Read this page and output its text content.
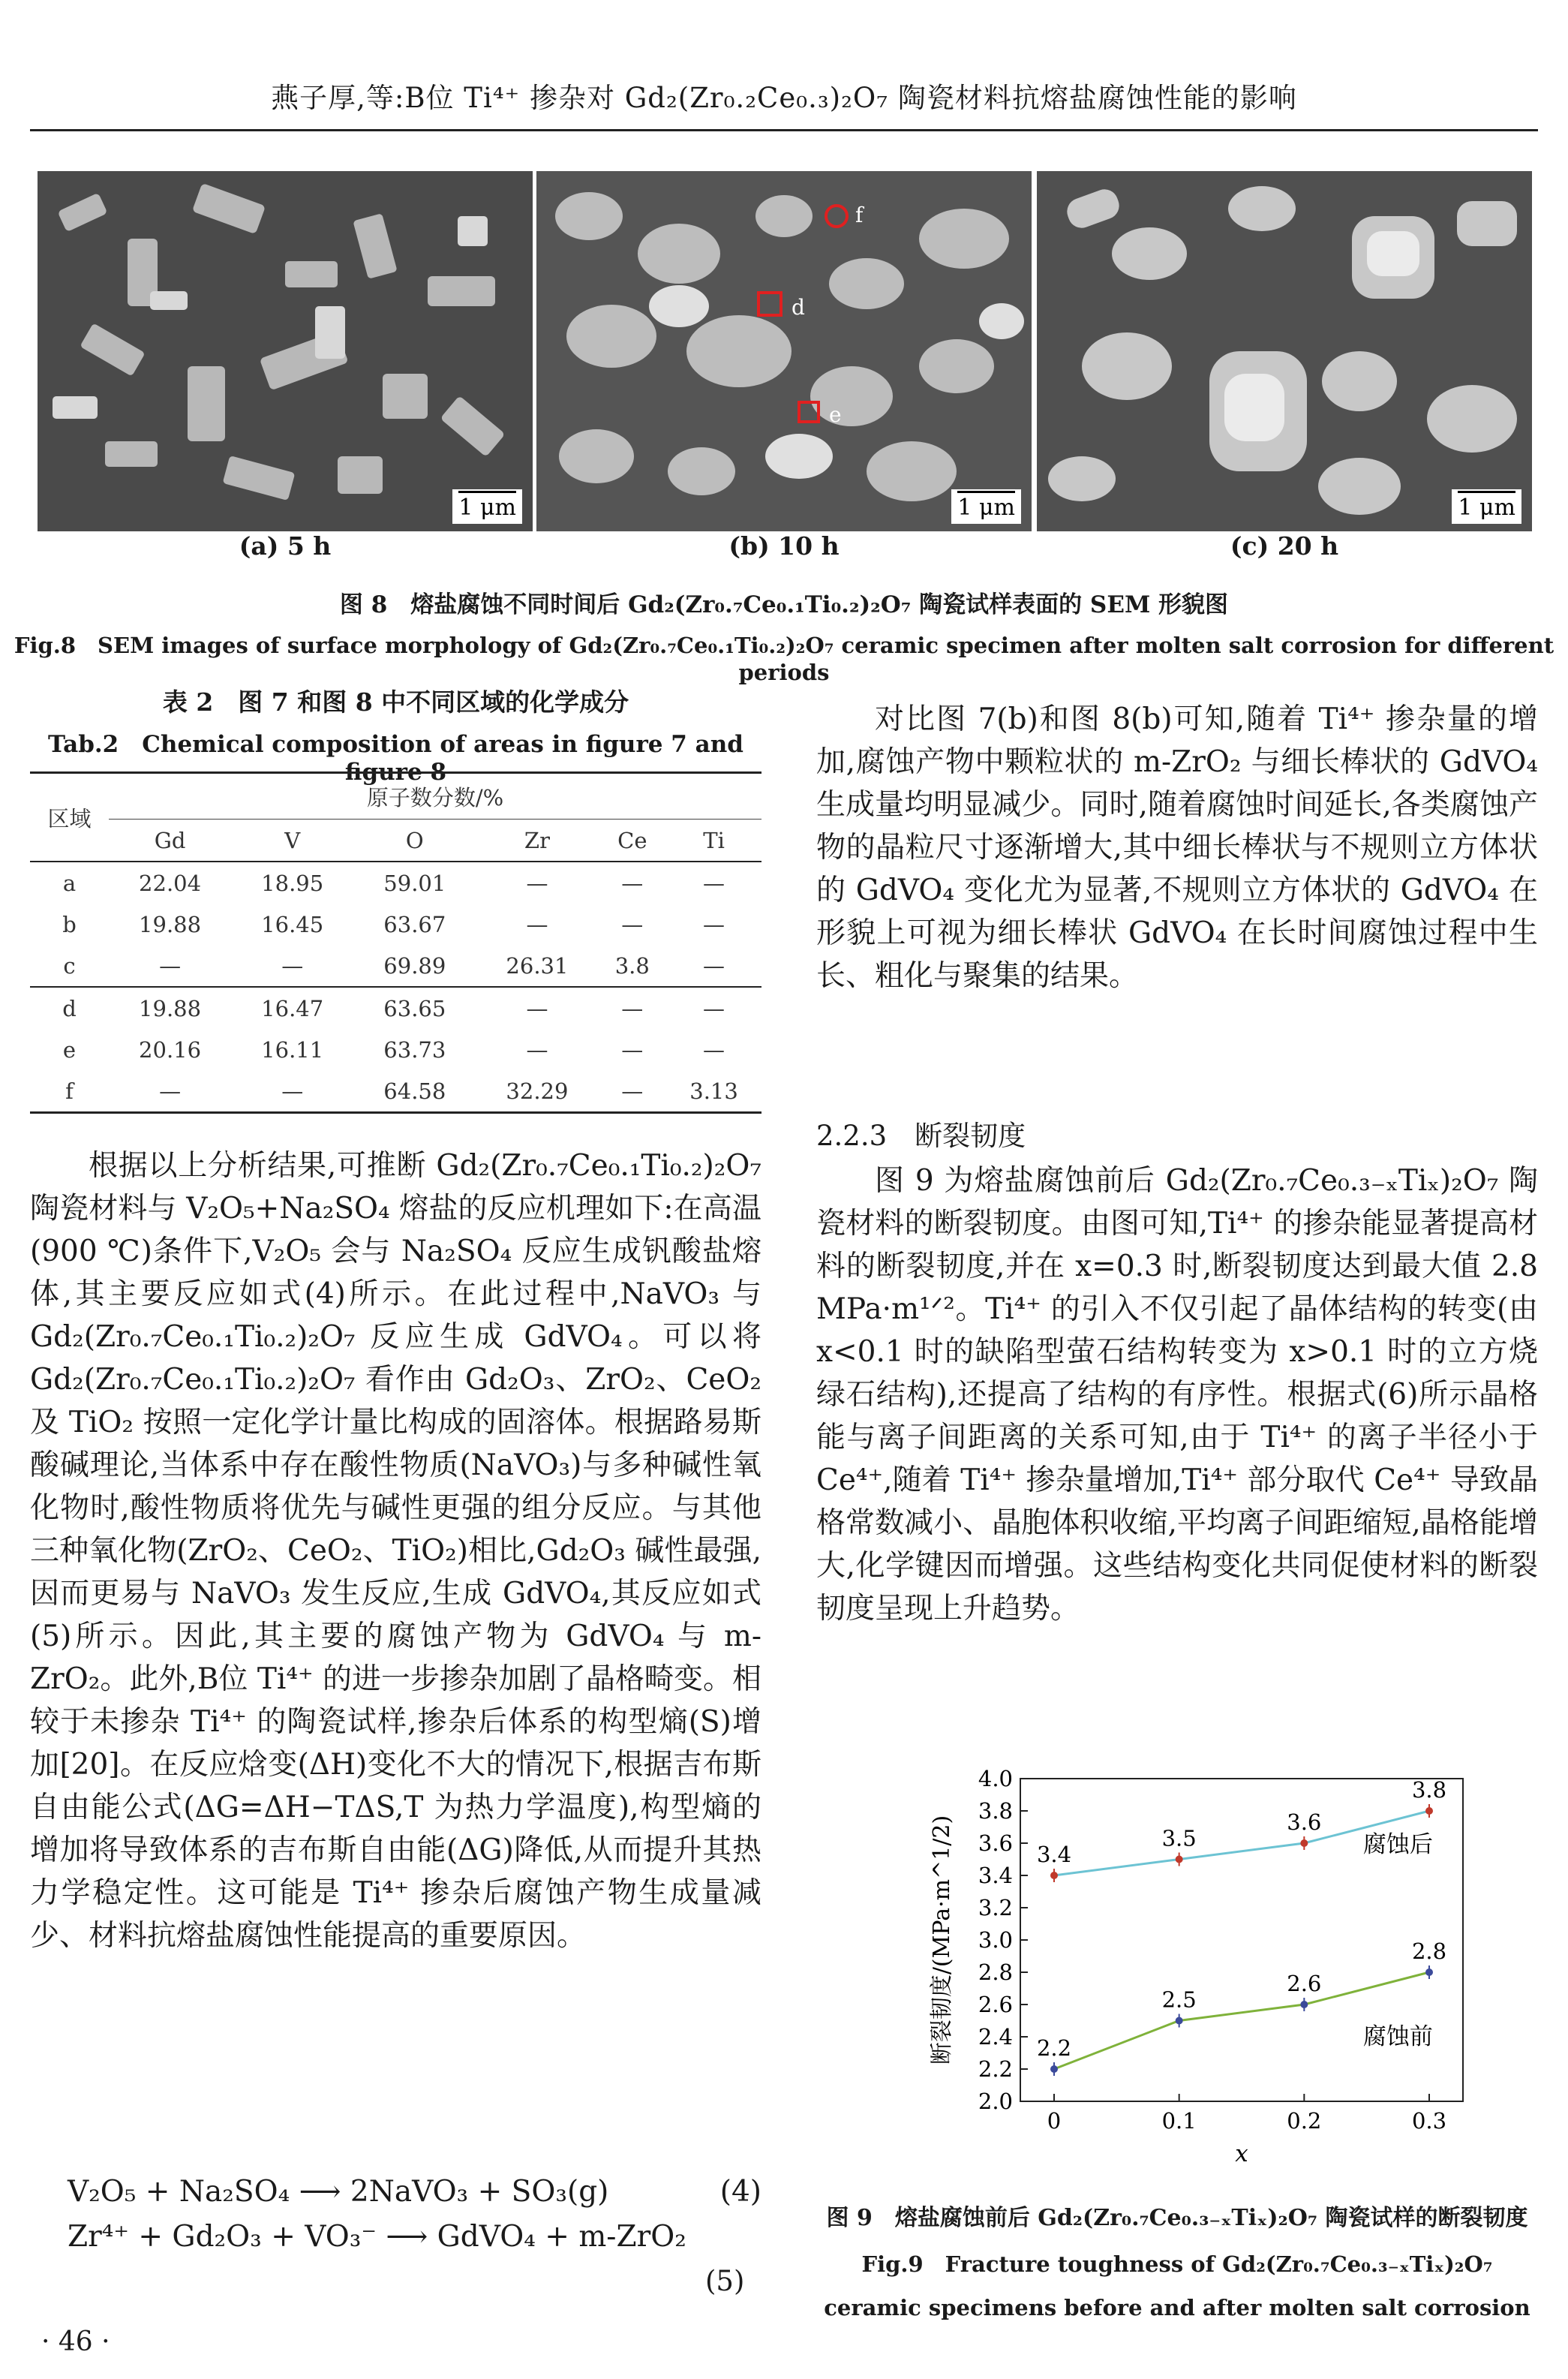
燕子厚,等:B位 Ti⁴⁺ 掺杂对 Gd₂(Zr₀.₂Ce₀.₃)₂O₇ 陶瓷材料抗熔盐腐蚀性能的影响
1 μm
f
d
e
1 μm	1 μm
(a) 5 h	(b) 10 h	(c) 20 h
图 8　熔盐腐蚀不同时间后 Gd₂(Zr₀.₇Ce₀.₁Ti₀.₂)₂O₇ 陶瓷试样表面的 SEM 形貌图
Fig.8　SEM images of surface morphology of Gd₂(Zr₀.₇Ce₀.₁Ti₀.₂)₂O₇ ceramic specimen after molten salt corrosion for different periods
表 2　图 7 和图 8 中不同区域的化学成分
Tab.2　Chemical composition of areas in figure 7 and figure 8
区域	原子数分数/%					
	Gd	V	O	Zr	Ce	Ti
a	22.04	18.95	59.01	—	—	—
b	19.88	16.45	63.67	—	—	—
c	—	—	69.89	26.31	3.8	—
d	19.88	16.47	63.65	—	—	—
e	20.16	16.11	63.73	—	—	—
f	—	—	64.58	32.29	—	3.13

对比图 7(b)和图 8(b)可知,随着 Ti⁴⁺ 掺杂量的增加,腐蚀产物中颗粒状的 m-ZrO₂ 与细长棒状的 GdVO₄ 生成量均明显减少。同时,随着腐蚀时间延长,各类腐蚀产物的晶粒尺寸逐渐增大,其中细长棒状与不规则立方体状的 GdVO₄ 变化尤为显著,不规则立方体状的 GdVO₄ 在形貌上可视为细长棒状 GdVO₄ 在长时间腐蚀过程中生长、粗化与聚集的结果。

2.2.3　断裂韧度

图 9 为熔盐腐蚀前后 Gd₂(Zr₀.₇Ce₀.₃₋ₓTiₓ)₂O₇ 陶瓷材料的断裂韧度。由图可知,Ti⁴⁺ 的掺杂能显著提高材料的断裂韧度,并在 x=0.3 时,断裂韧度达到最大值 2.8 MPa·m¹ᐟ²。Ti⁴⁺ 的引入不仅引起了晶体结构的转变(由 x<0.1 时的缺陷型萤石结构转变为 x>0.1 时的立方烧绿石结构),还提高了结构的有序性。根据式(6)所示晶格能与离子间距离的关系可知,由于 Ti⁴⁺ 的离子半径小于 Ce⁴⁺,随着 Ti⁴⁺ 掺杂量增加,Ti⁴⁺ 部分取代 Ce⁴⁺ 导致晶格常数减小、晶胞体积收缩,平均离子间距缩短,晶格能增大,化学键因而增强。这些结构变化共同促使材料的断裂韧度呈现上升趋势。

根据以上分析结果,可推断 Gd₂(Zr₀.₇Ce₀.₁Ti₀.₂)₂O₇ 陶瓷材料与 V₂O₅+Na₂SO₄ 熔盐的反应机理如下:在高温(900 ℃)条件下,V₂O₅ 会与 Na₂SO₄ 反应生成钒酸盐熔体,其主要反应如式(4)所示。在此过程中,NaVO₃ 与 Gd₂(Zr₀.₇Ce₀.₁Ti₀.₂)₂O₇ 反应生成 GdVO₄。可以将 Gd₂(Zr₀.₇Ce₀.₁Ti₀.₂)₂O₇ 看作由 Gd₂O₃、ZrO₂、CeO₂ 及 TiO₂ 按照一定化学计量比构成的固溶体。根据路易斯酸碱理论,当体系中存在酸性物质(NaVO₃)与多种碱性氧化物时,酸性物质将优先与碱性更强的组分反应。与其他三种氧化物(ZrO₂、CeO₂、TiO₂)相比,Gd₂O₃ 碱性最强,因而更易与 NaVO₃ 发生反应,生成 GdVO₄,其反应如式(5)所示。因此,其主要的腐蚀产物为 GdVO₄ 与 m-ZrO₂。此外,B位 Ti⁴⁺ 的进一步掺杂加剧了晶格畸变。相较于未掺杂 Ti⁴⁺ 的陶瓷试样,掺杂后体系的构型熵(S)增加[20]。在反应焓变(ΔH)变化不大的情况下,根据吉布斯自由能公式(ΔG=ΔH−TΔS,T 为热力学温度),构型熵的增加将导致体系的吉布斯自由能(ΔG)降低,从而提升其热力学稳定性。这可能是 Ti⁴⁺ 掺杂后腐蚀产物生成量减少、材料抗熔盐腐蚀性能提高的重要原因。

V₂O₅ + Na₂SO₄ ⟶ 2NaVO₃ + SO₃(g)	(4)
Zr⁴⁺ + Gd₂O₃ + VO₃⁻ ⟶ GdVO₄ + m-ZrO₂
(5)
2.0
2.2
2.4
2.6
2.8
3.0
3.2
3.4
3.6
3.8
4.0
0	0.1	0.2	0.3
x
断裂韧度/(MPa·m^1/2)	3.4
3.5
3.6
3.8
腐蚀后
2.2
2.5
2.6
2.8
腐蚀前
图 9　熔盐腐蚀前后 Gd₂(Zr₀.₇Ce₀.₃₋ₓTiₓ)₂O₇ 陶瓷试样的断裂韧度
Fig.9　Fracture toughness of Gd₂(Zr₀.₇Ce₀.₃₋ₓTiₓ)₂O₇ ceramic specimens before and after molten salt corrosion
· 46 ·
